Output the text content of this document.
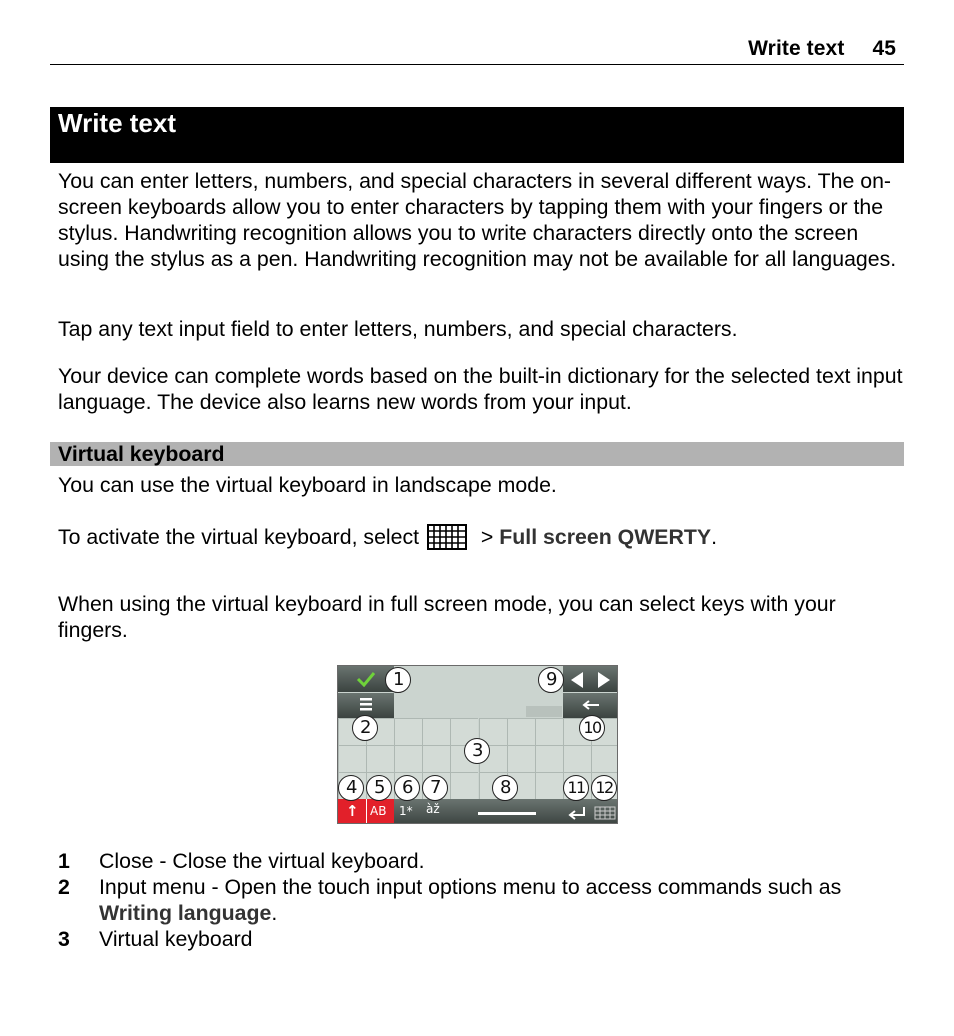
Write text 45
Write text

You can enter letters, numbers, and special characters in several different ways. The on-screen keyboards allow you to enter characters by tapping them with your fingers or the stylus. Handwriting recognition allows you to write characters directly onto the screen using the stylus as a pen. Handwriting recognition may not be available for all languages.

Tap any text input field to enter letters, numbers, and special characters.

Your device can complete words based on the built-in dictionary for the selected text input language. The device also learns new words from your input.

Virtual keyboard

You can use the virtual keyboard in landscape mode.

To activate the virtual keyboard, select	> Full screen QWERTY.

When using the virtual keyboard in full screen mode, you can select keys with your fingers.

↑ AB 1* àž
1	9
2	10
3
4	5	6	7	8	11 12
1 Close - Close the virtual keyboard.
2 Input menu - Open the touch input options menu to access commands such as Writing language.
3 Virtual keyboard
